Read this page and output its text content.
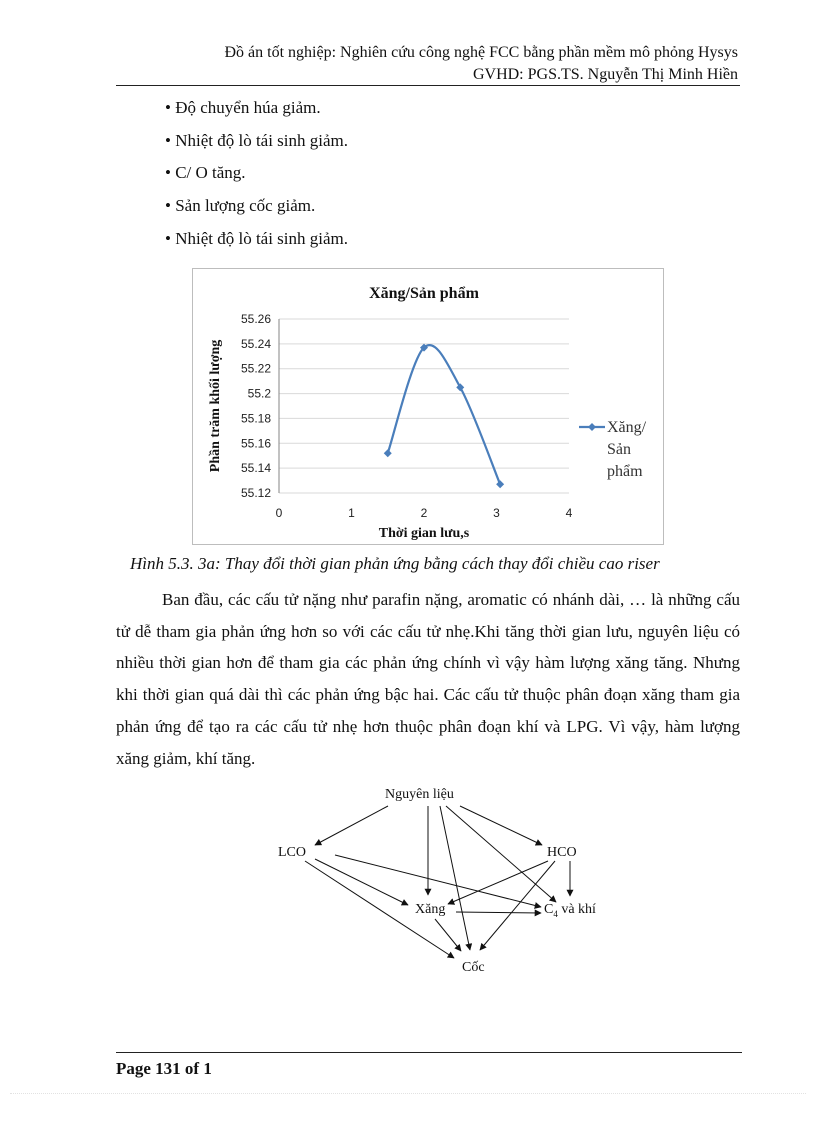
Đồ án tốt nghiệp: Nghiên cứu công nghệ FCC bằng phần mềm mô phỏng Hysys
GVHD: PGS.TS. Nguyễn Thị Minh Hiền
• Độ chuyển húa giảm.
• Nhiệt độ lò tái sinh giảm.
• C/ O tăng.
• Sản lượng cốc giảm.
• Nhiệt độ lò tái sinh giảm.
55.12
55.14
55.16
55.18
55.2
55.22
55.24
55.26
0	1	2	3	4
Xăng/Sản phẩm
Thời gian lưu,s
Phần trăm khối lượng	Xăng/
Sản
phẩm
Hình 5.3. 3a: Thay đổi thời gian phản ứng bằng cách thay đổi chiều cao riser
Ban đầu, các cấu tử nặng như parafin nặng, aromatic có nhánh dài, … là những cấu tử dễ tham gia phản ứng hơn so với các cấu tử nhẹ.Khi tăng thời gian lưu, nguyên liệu có nhiều thời gian hơn để tham gia các phản ứng chính vì vậy hàm lượng xăng tăng. Nhưng khi thời gian quá dài thì các phản ứng bậc hai. Các cấu tử thuộc phân đoạn xăng tham gia phản ứng để tạo ra các cấu tử nhẹ hơn thuộc phân đoạn khí và LPG. Vì vậy, hàm lượng xăng giảm, khí tăng.
Nguyên liệu
LCO	HCO
Xăng	$C_4$ và khí
Cốc
Page 131 of 1
